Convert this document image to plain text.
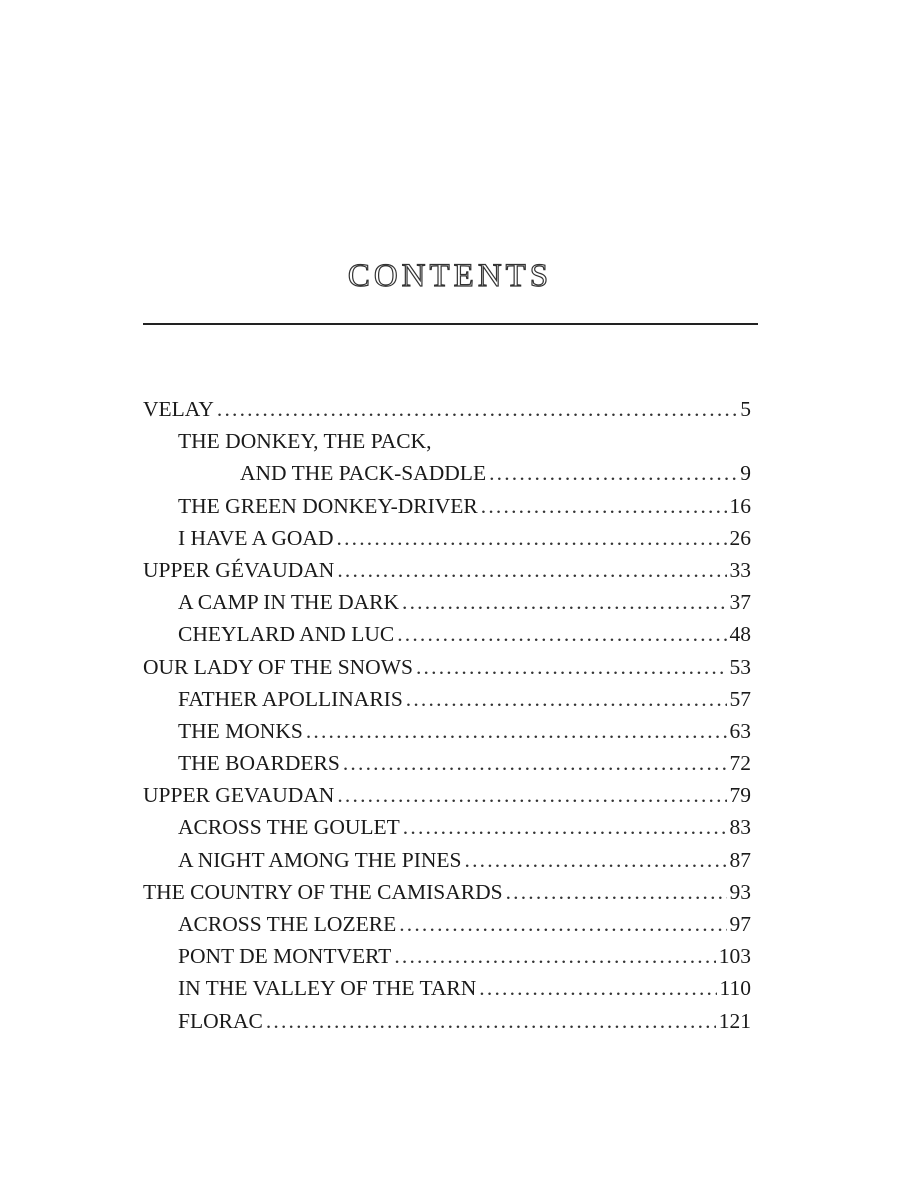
CONTENTS
VELAY .....	5
THE DONKEY, THE PACK,
AND THE PACK-SADDLE .....	9
THE GREEN DONKEY-DRIVER .....	16
I HAVE A GOAD .....	26
UPPER GÉVAUDAN .....	33
A CAMP IN THE DARK .....	37
CHEYLARD AND LUC .....	48
OUR LADY OF THE SNOWS .....	53
FATHER APOLLINARIS .....	57
THE MONKS .....	63
THE BOARDERS .....	72
UPPER GEVAUDAN .....	79
ACROSS THE GOULET .....	83
A NIGHT AMONG THE PINES .....	87
THE COUNTRY OF THE CAMISARDS .....	93
ACROSS THE LOZERE .....	97
PONT DE MONTVERT .....	103
IN THE VALLEY OF THE TARN .....	110
FLORAC .....	121
